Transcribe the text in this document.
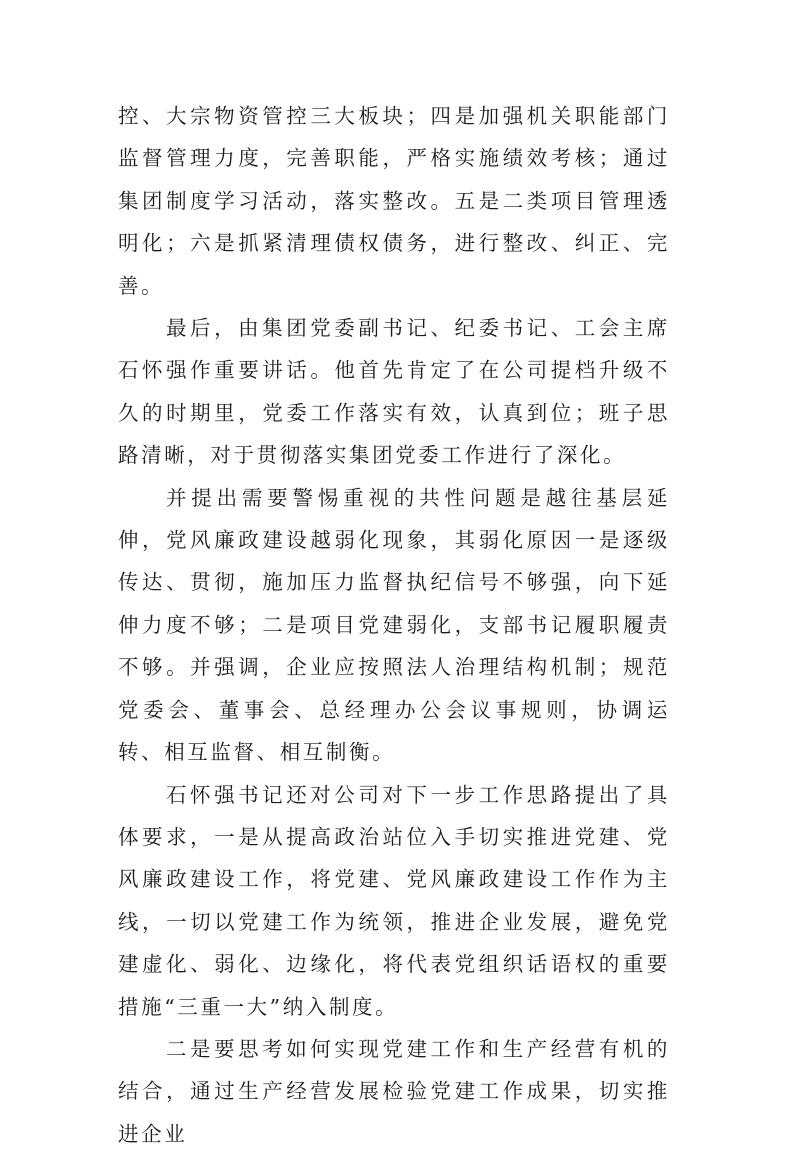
控、大宗物资管控三大板块；四是加强机关职能部门监督管理力度，完善职能，严格实施绩效考核；通过集团制度学习活动，落实整改。五是二类项目管理透明化；六是抓紧清理债权债务，进行整改、纠正、完善。

最后，由集团党委副书记、纪委书记、工会主席石怀强作重要讲话。他首先肯定了在公司提档升级不久的时期里，党委工作落实有效，认真到位；班子思路清晰，对于贯彻落实集团党委工作进行了深化。

并提出需要警惕重视的共性问题是越往基层延伸，党风廉政建设越弱化现象，其弱化原因一是逐级传达、贯彻，施加压力监督执纪信号不够强，向下延伸力度不够；二是项目党建弱化，支部书记履职履责不够。并强调，企业应按照法人治理结构机制；规范党委会、董事会、总经理办公会议事规则，协调运转、相互监督、相互制衡。

石怀强书记还对公司对下一步工作思路提出了具体要求，一是从提高政治站位入手切实推进党建、党风廉政建设工作，将党建、党风廉政建设工作作为主线，一切以党建工作为统领，推进企业发展，避免党建虚化、弱化、边缘化，将代表党组织话语权的重要措施“三重一大”纳入制度。

二是要思考如何实现党建工作和生产经营有机的结合，通过生产经营发展检验党建工作成果，切实推进企业
